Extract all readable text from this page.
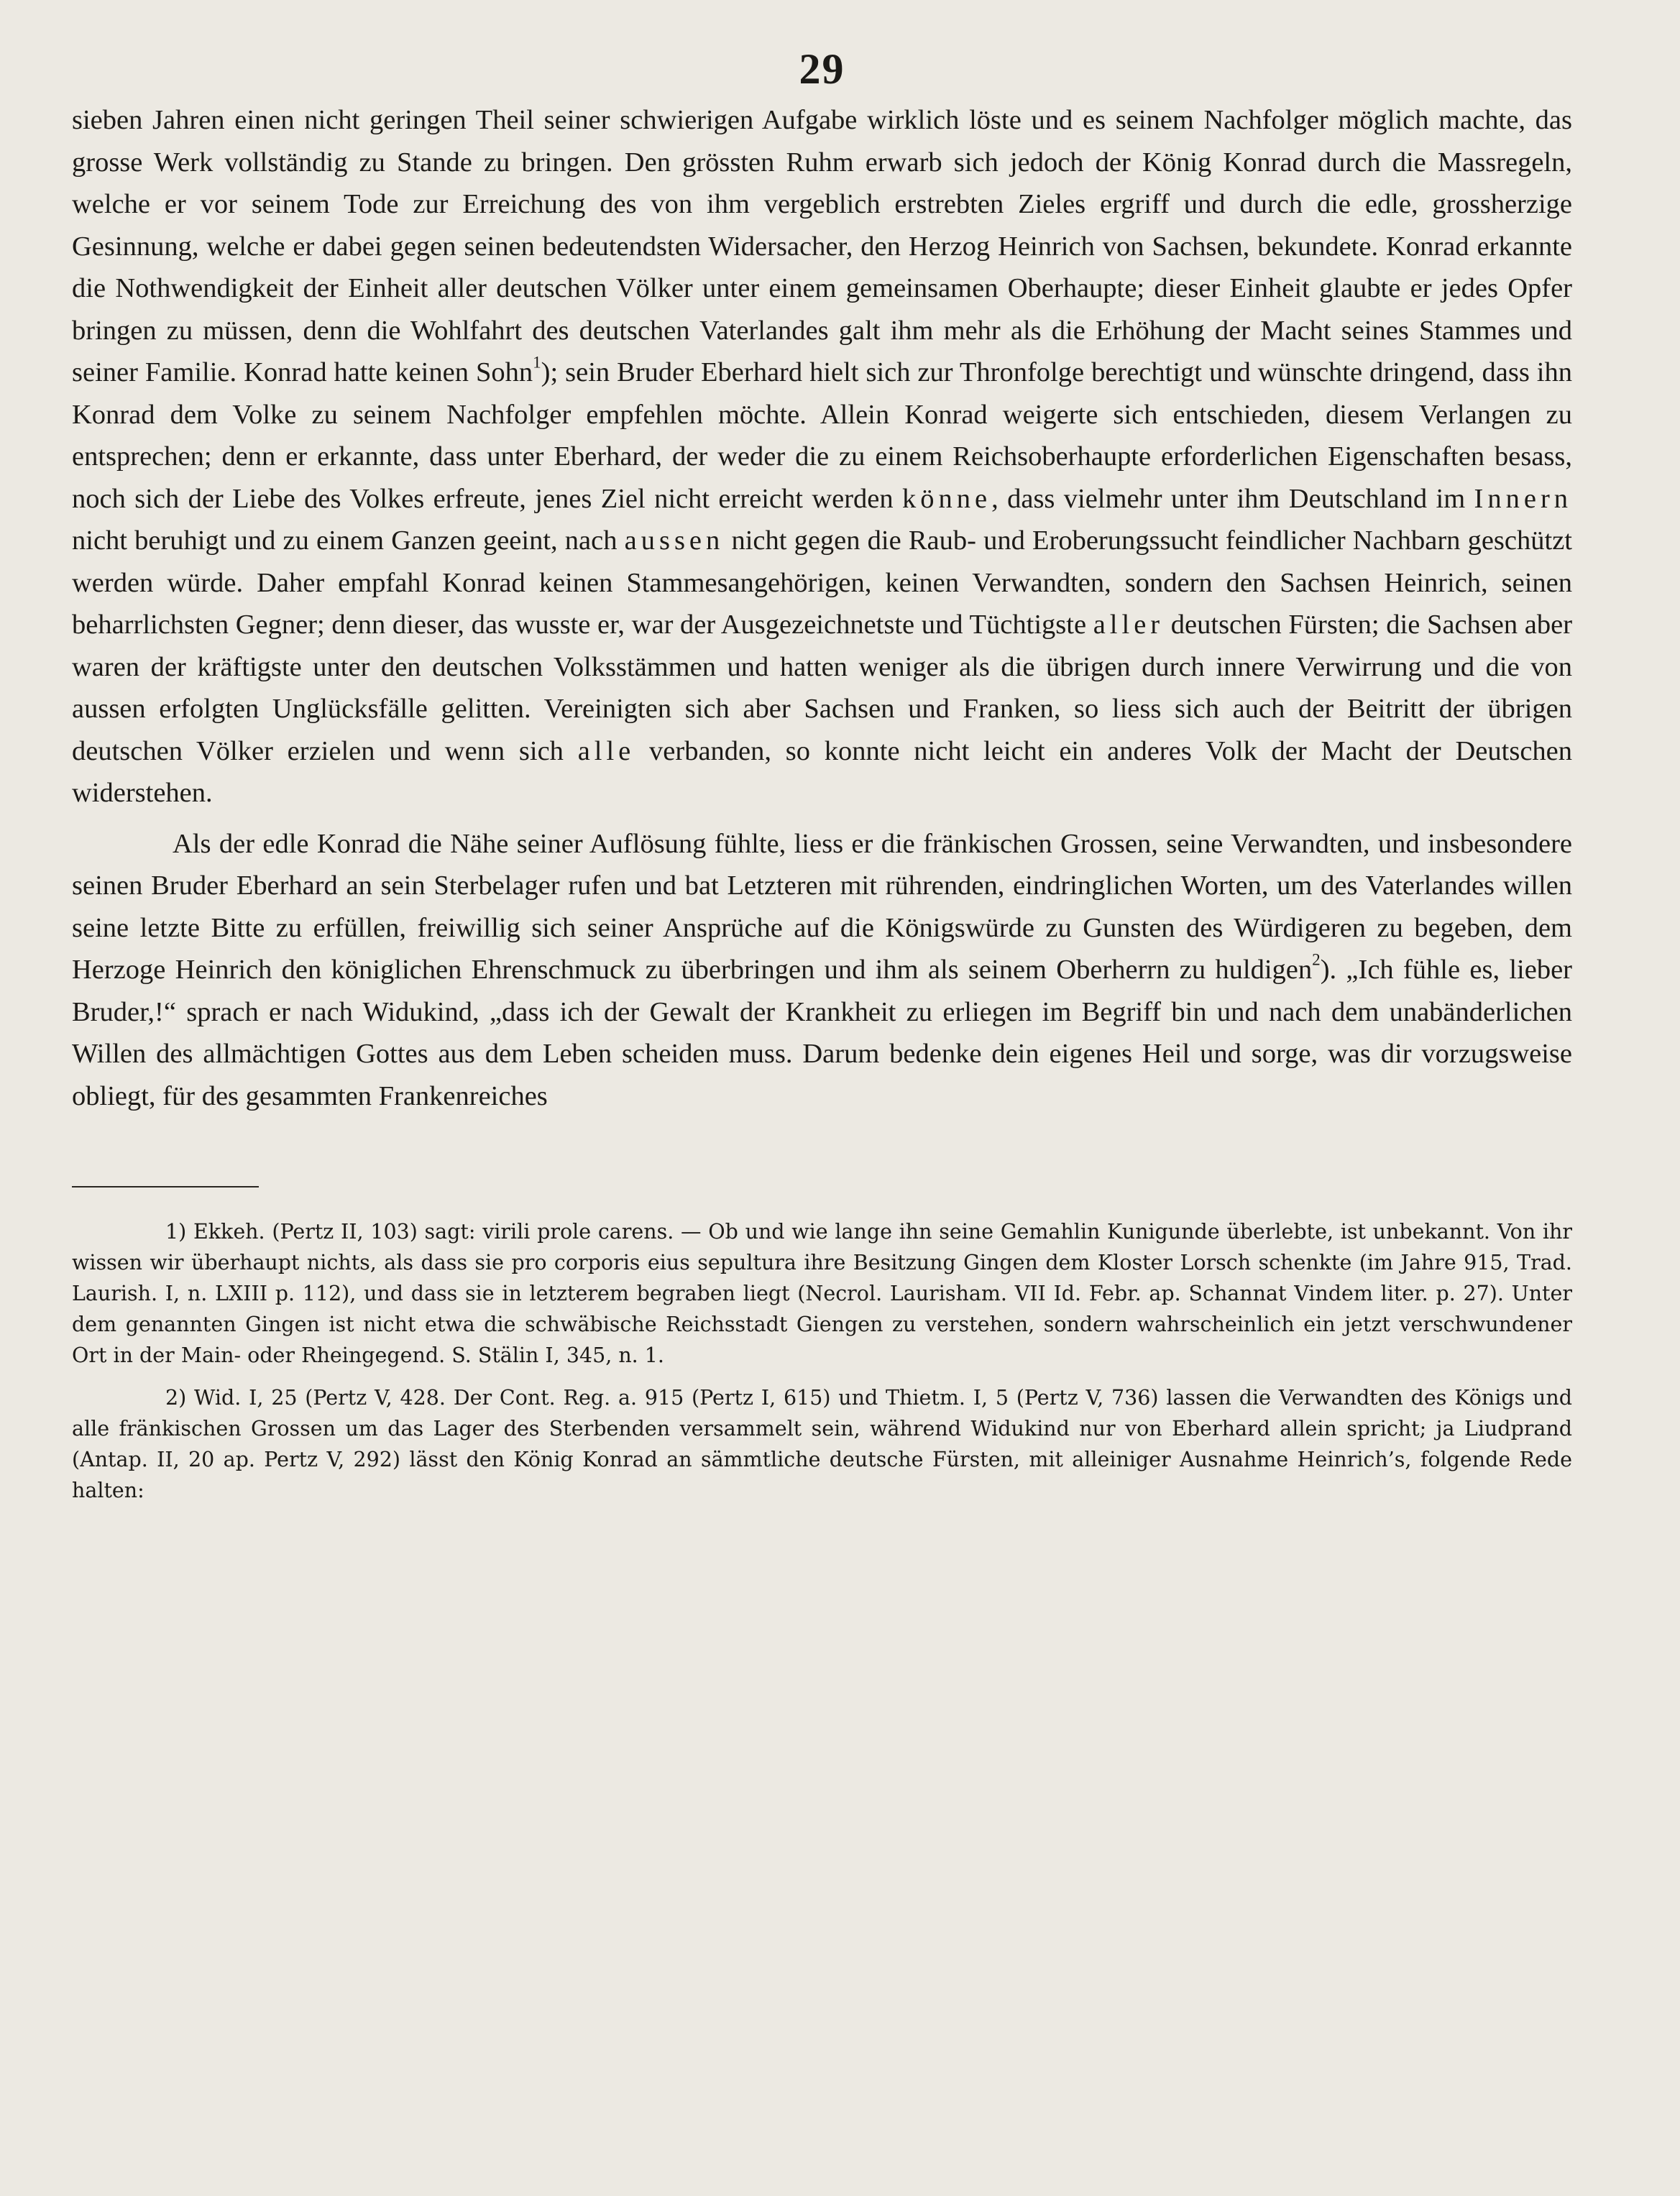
29

sieben Jahren einen nicht geringen Theil seiner schwierigen Aufgabe wirklich löste und es seinem Nachfolger möglich machte, das grosse Werk vollständig zu Stande zu bringen. Den grössten Ruhm erwarb sich jedoch der König Konrad durch die Massregeln, welche er vor seinem Tode zur Erreichung des von ihm vergeblich erstrebten Zieles ergriff und durch die edle, grossherzige Gesinnung, welche er dabei gegen seinen bedeutendsten Widersacher, den Herzog Heinrich von Sachsen, bekundete. Konrad erkannte die Nothwendigkeit der Einheit aller deutschen Völker unter einem gemeinsamen Oberhaupte; dieser Einheit glaubte er jedes Opfer bringen zu müssen, denn die Wohlfahrt des deutschen Vaterlandes galt ihm mehr als die Erhöhung der Macht seines Stammes und seiner Familie. Konrad hatte keinen Sohn$^1$); sein Bruder Eberhard hielt sich zur Thronfolge berechtigt und wünschte dringend, dass ihn Konrad dem Volke zu seinem Nachfolger empfehlen möchte. Allein Konrad weigerte sich entschieden, diesem Verlangen zu entsprechen; denn er erkannte, dass unter Eberhard, der weder die zu einem Reichsoberhaupte erforderlichen Eigenschaften besass, noch sich der Liebe des Volkes erfreute, jenes Ziel nicht erreicht werden könne, dass vielmehr unter ihm Deutschland im Innern nicht beruhigt und zu einem Ganzen geeint, nach aussen nicht gegen die Raub- und Eroberungssucht feindlicher Nachbarn geschützt werden würde. Daher empfahl Konrad keinen Stammesangehörigen, keinen Verwandten, sondern den Sachsen Heinrich, seinen beharrlichsten Gegner; denn dieser, das wusste er, war der Ausgezeichnetste und Tüchtigste aller deutschen Fürsten; die Sachsen aber waren der kräftigste unter den deutschen Volksstämmen und hatten weniger als die übrigen durch innere Verwirrung und die von aussen erfolgten Unglücksfälle gelitten. Vereinigten sich aber Sachsen und Franken, so liess sich auch der Beitritt der übrigen deutschen Völker erzielen und wenn sich alle verbanden, so konnte nicht leicht ein anderes Volk der Macht der Deutschen widerstehen.

Als der edle Konrad die Nähe seiner Auflösung fühlte, liess er die fränkischen Grossen, seine Verwandten, und insbesondere seinen Bruder Eberhard an sein Sterbelager rufen und bat Letzteren mit rührenden, eindringlichen Worten, um des Vaterlandes willen seine letzte Bitte zu erfüllen, freiwillig sich seiner Ansprüche auf die Königswürde zu Gunsten des Würdigeren zu begeben, dem Herzoge Heinrich den königlichen Ehrenschmuck zu überbringen und ihm als seinem Oberherrn zu huldigen$^2$). „Ich fühle es, lieber Bruder,!“ sprach er nach Widukind, „dass ich der Gewalt der Krankheit zu erliegen im Begriff bin und nach dem unabänderlichen Willen des allmächtigen Gottes aus dem Leben scheiden muss. Darum bedenke dein eigenes Heil und sorge, was dir vorzugsweise obliegt, für des gesammten Frankenreiches

1) Ekkeh. (Pertz II, 103) sagt: virili prole carens. — Ob und wie lange ihn seine Gemahlin Kunigunde überlebte, ist unbekannt. Von ihr wissen wir überhaupt nichts, als dass sie pro corporis eius sepultura ihre Besitzung Gingen dem Kloster Lorsch schenkte (im Jahre 915, Trad. Laurish. I, n. LXIII p. 112), und dass sie in letzterem begraben liegt (Necrol. Laurisham. VII Id. Febr. ap. Schannat Vindem liter. p. 27). Unter dem genannten Gingen ist nicht etwa die schwäbische Reichsstadt Giengen zu verstehen, sondern wahrscheinlich ein jetzt verschwundener Ort in der Main- oder Rheingegend. S. Stälin I, 345, n. 1.

2) Wid. I, 25 (Pertz V, 428. Der Cont. Reg. a. 915 (Pertz I, 615) und Thietm. I, 5 (Pertz V, 736) lassen die Verwandten des Königs und alle fränkischen Grossen um das Lager des Sterbenden versammelt sein, während Widukind nur von Eberhard allein spricht; ja Liudprand (Antap. II, 20 ap. Pertz V, 292) lässt den König Konrad an sämmtliche deutsche Fürsten, mit alleiniger Ausnahme Heinrich’s, folgende Rede halten:
